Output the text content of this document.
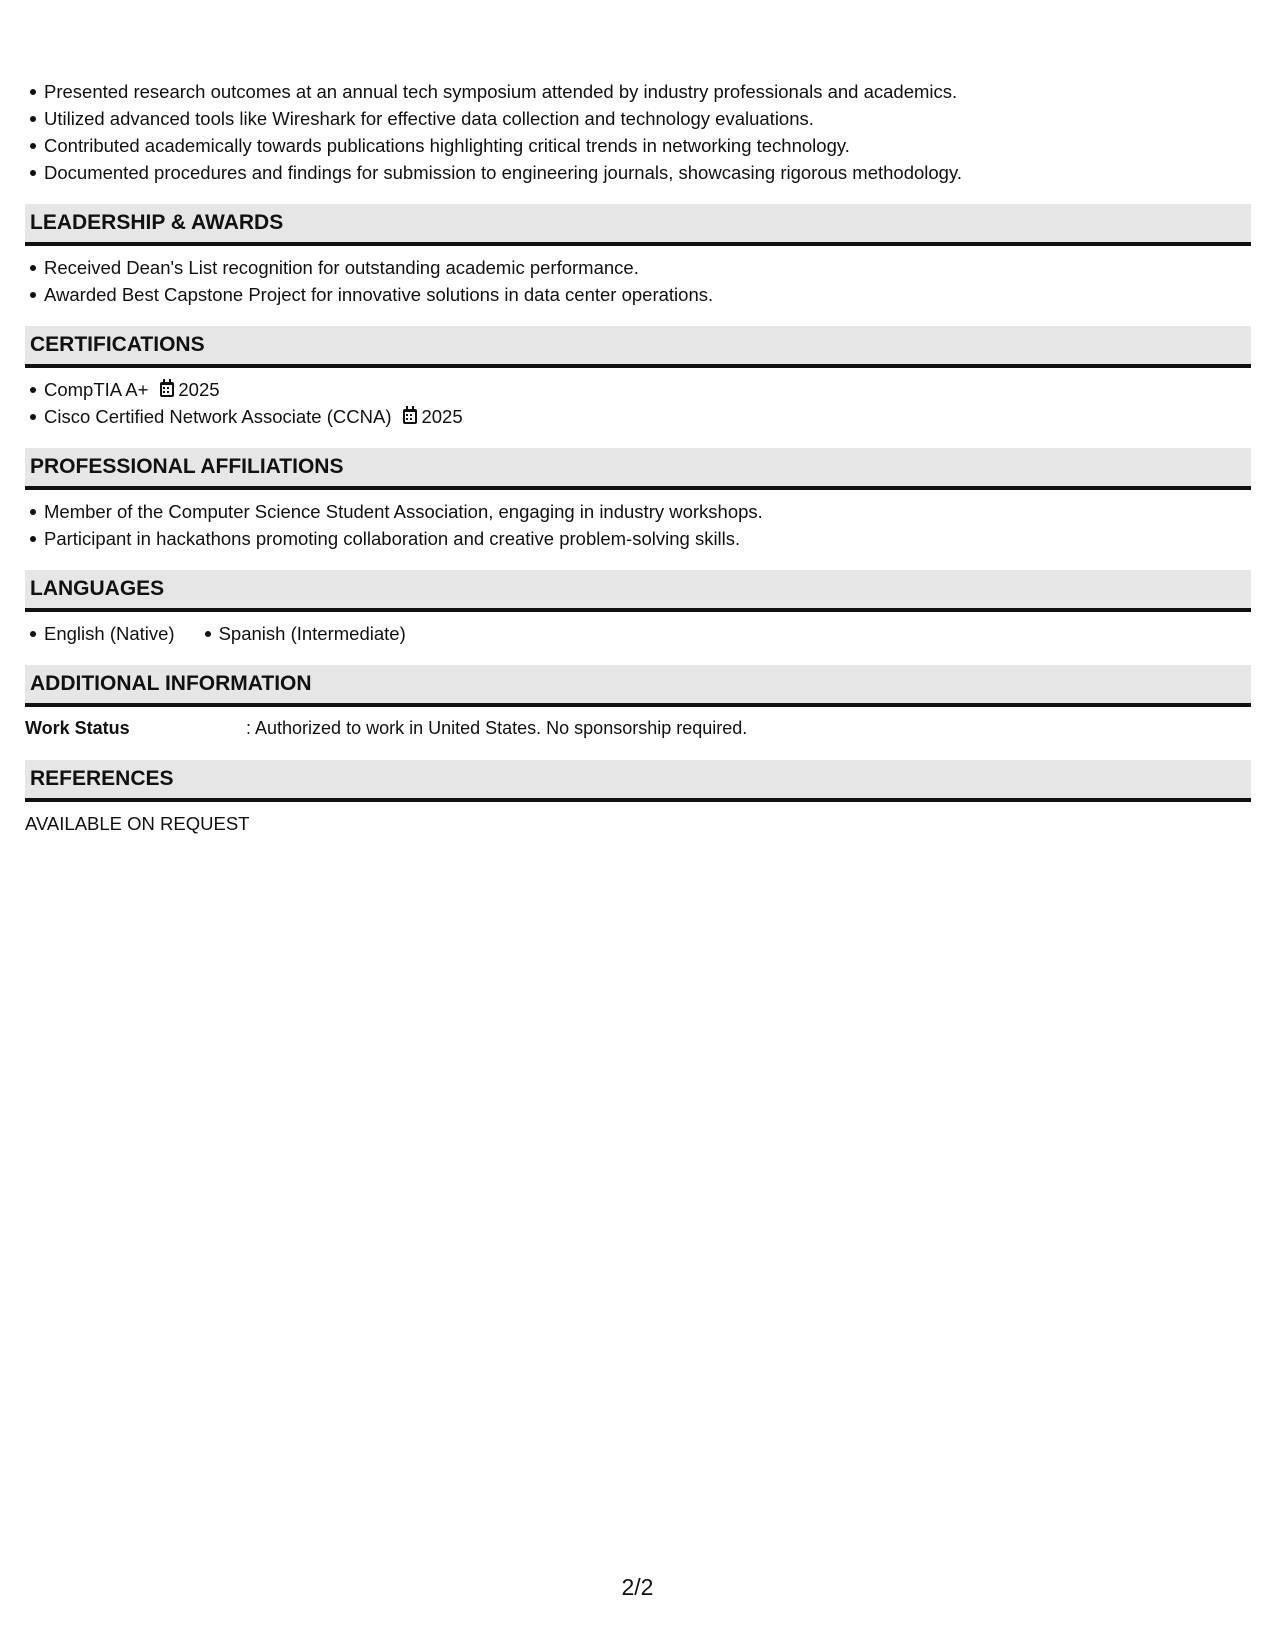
Presented research outcomes at an annual tech symposium attended by industry professionals and academics.
Utilized advanced tools like Wireshark for effective data collection and technology evaluations.
Contributed academically towards publications highlighting critical trends in networking technology.
Documented procedures and findings for submission to engineering journals, showcasing rigorous methodology.
LEADERSHIP & AWARDS
Received Dean's List recognition for outstanding academic performance.
Awarded Best Capstone Project for innovative solutions in data center operations.
CERTIFICATIONS
CompTIA A+ 2025
Cisco Certified Network Associate (CCNA) 2025
PROFESSIONAL AFFILIATIONS
Member of the Computer Science Student Association, engaging in industry workshops.
Participant in hackathons promoting collaboration and creative problem-solving skills.
LANGUAGES
English (Native) Spanish (Intermediate)
ADDITIONAL INFORMATION
Work Status	: Authorized to work in United States. No sponsorship required.
REFERENCES
AVAILABLE ON REQUEST
2/2
